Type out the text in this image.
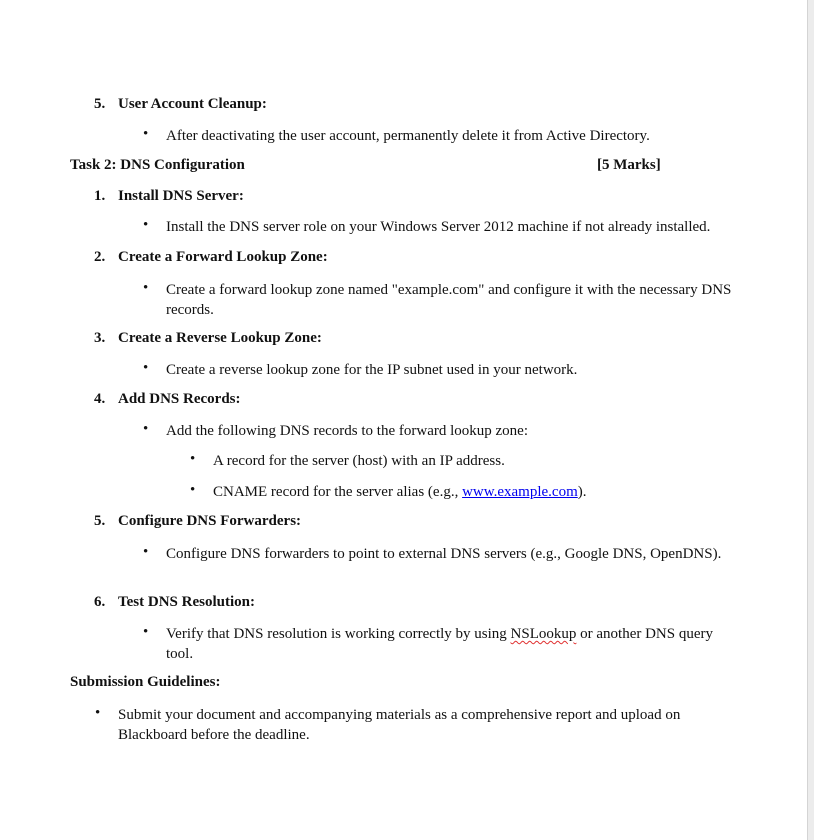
5. User Account Cleanup:
• After deactivating the user account, permanently delete it from Active Directory.
Task 2: DNS Configuration	[5 Marks]
1. Install DNS Server:
• Install the DNS server role on your Windows Server 2012 machine if not already installed.
2. Create a Forward Lookup Zone:
• Create a forward lookup zone named "example.com" and configure it with the necessary DNS records.
3. Create a Reverse Lookup Zone:
• Create a reverse lookup zone for the IP subnet used in your network.
4. Add DNS Records:
• Add the following DNS records to the forward lookup zone:
• A record for the server (host) with an IP address.
• CNAME record for the server alias (e.g., www.example.com).
5. Configure DNS Forwarders:
• Configure DNS forwarders to point to external DNS servers (e.g., Google DNS, OpenDNS).
6. Test DNS Resolution:
• Verify that DNS resolution is working correctly by using NSLookup or another DNS query tool.
Submission Guidelines:
• Submit your document and accompanying materials as a comprehensive report and upload on Blackboard before the deadline.
